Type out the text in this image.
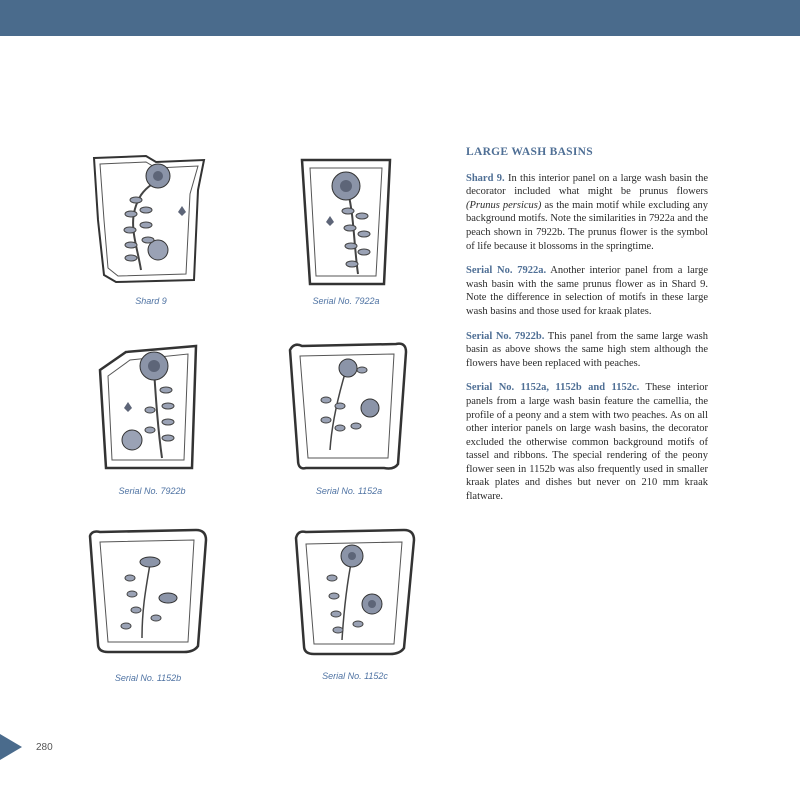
Shard 9	Serial No. 7922a
Serial No. 7922b	Serial No. 1152a
Serial No. 1152b	Serial No. 1152c
LARGE WASH BASINS

Shard 9. In this interior panel on a large wash basin the decorator included what might be prunus flowers (Prunus persicus) as the main motif while excluding any background motifs. Note the similarities in 7922a and the peach shown in 7922b. The prunus flower is the symbol of life because it blossoms in the springtime.

Serial No. 7922a. Another interior panel from a large wash basin with the same prunus flower as in Shard 9. Note the difference in selection of motifs in these large wash basins and those used for kraak plates.

Serial No. 7922b. This panel from the same large wash basin as above shows the same high stem although the flowers have been replaced with peaches.

Serial No. 1152a, 1152b and 1152c. These interior panels from a large wash basin feature the camellia, the profile of a peony and a stem with two peaches. As on all other interior panels on large wash basins, the decorator excluded the otherwise common background motifs of tassel and ribbons. The special rendering of the peony flower seen in 1152b was also frequently used in smaller kraak plates and dishes but never on 210 mm kraak flatware.

280
